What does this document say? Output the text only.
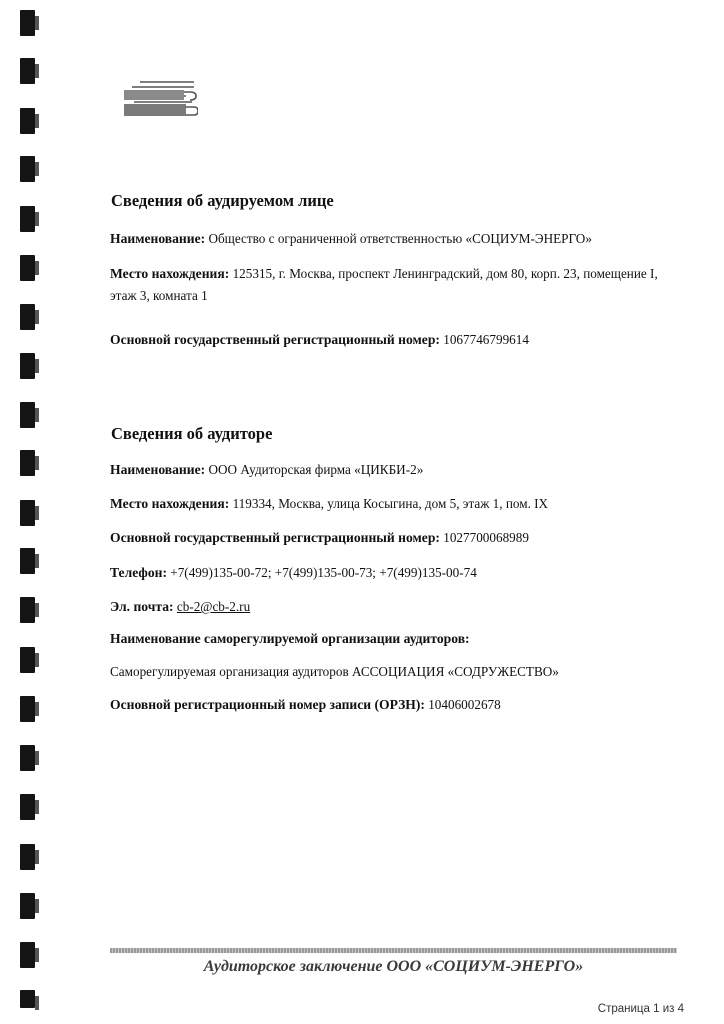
Сведения об аудируемом лице
Наименование: Общество с ограниченной ответственностью «СОЦИУМ-ЭНЕРГО»
Место нахождения: 125315, г. Москва, проспект Ленинградский, дом 80, корп. 23, помещение I, этаж 3, комната 1
Основной государственный регистрационный номер: 1067746799614
Сведения об аудиторе
Наименование: ООО Аудиторская фирма «ЦИКБИ-2»
Место нахождения: 119334, Москва, улица Косыгина, дом 5, этаж 1, пом. IX
Основной государственный регистрационный номер: 1027700068989
Телефон: +7(499)135-00-72; +7(499)135-00-73; +7(499)135-00-74
Эл. почта: cb-2@cb-2.ru
Наименование саморегулируемой организации аудиторов:
Саморегулируемая организация аудиторов АССОЦИАЦИЯ «СОДРУЖЕСТВО»
Основной регистрационный номер записи (ОРЗН): 10406002678
Аудиторское заключение ООО «СОЦИУМ-ЭНЕРГО»
Страница 1 из 4
